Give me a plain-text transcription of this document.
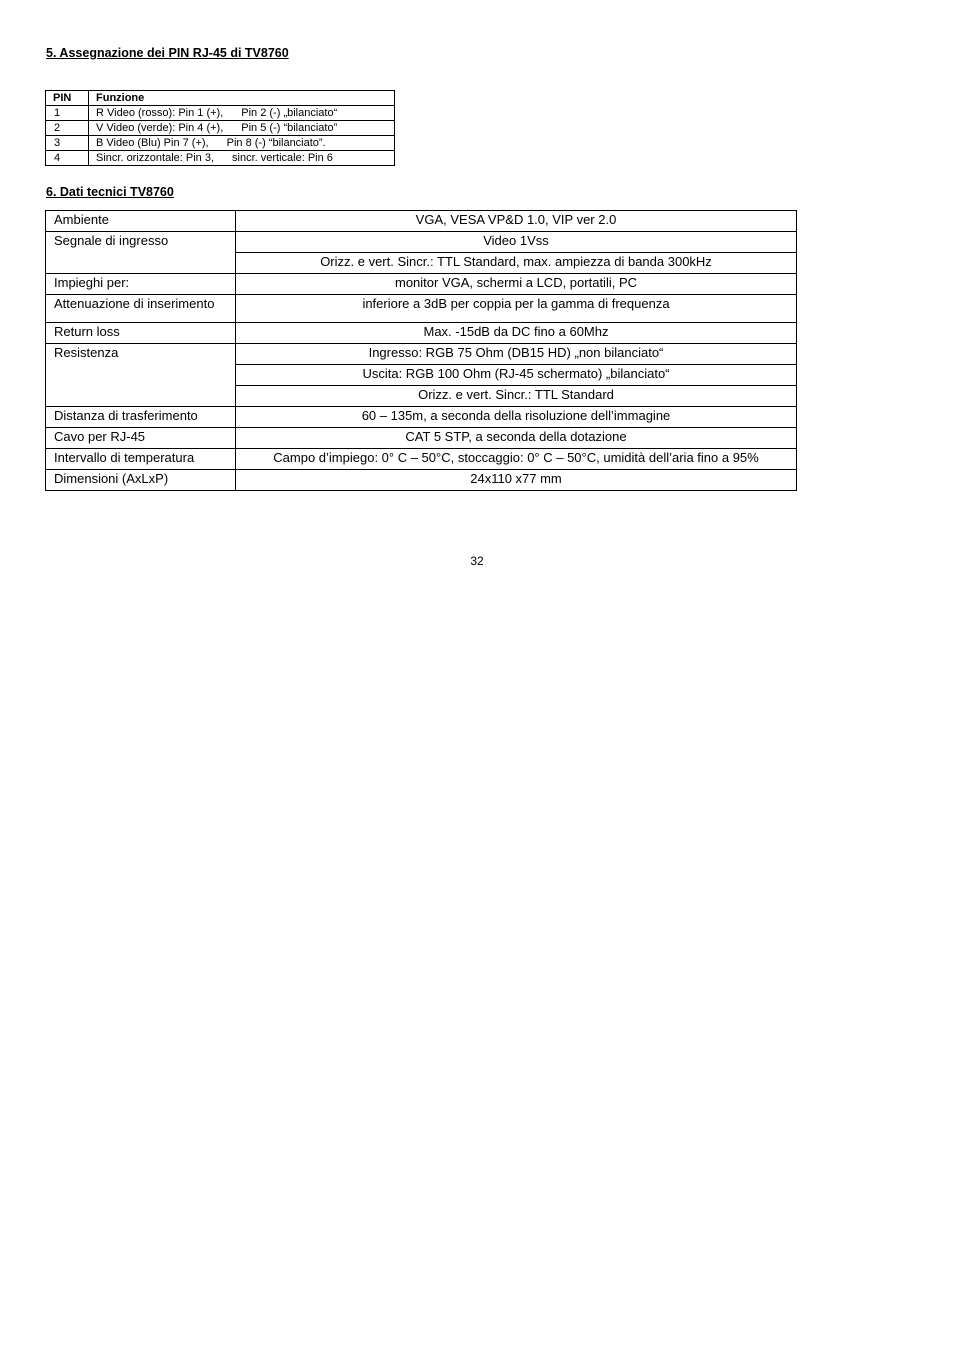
5. Assegnazione dei PIN RJ-45 di TV8760
PIN	Funzione
1	R Video (rosso): Pin 1 (+), Pin 2 (-) „bilanciato“
2	V Video (verde): Pin 4 (+), Pin 5 (-) “bilanciato”
3	B Video (Blu) Pin 7 (+), Pin 8 (-) “bilanciato”.
4	Sincr. orizzontale: Pin 3, sincr. verticale: Pin 6
6. Dati tecnici TV8760
Ambiente	VGA, VESA VP&D 1.0, VIP ver 2.0
Segnale di ingresso	Video 1Vss
	Orizz. e vert. Sincr.: TTL Standard, max. ampiezza di banda 300kHz
Impieghi per:	monitor VGA, schermi a LCD, portatili, PC
Attenuazione di inserimento	inferiore a 3dB per coppia per la gamma di frequenza
Return loss	Max. -15dB da DC fino a 60Mhz
Resistenza	Ingresso: RGB 75 Ohm (DB15 HD) „non bilanciato“
	Uscita: RGB 100 Ohm (RJ-45 schermato) „bilanciato“
	Orizz. e vert. Sincr.: TTL Standard
Distanza di trasferimento	60 – 135m, a seconda della risoluzione dell’immagine
Cavo per RJ-45	CAT 5 STP, a seconda della dotazione
Intervallo di temperatura	Campo d’impiego: 0° C – 50°C, stoccaggio: 0° C – 50°C, umidità dell’aria fino a 95%
Dimensioni (AxLxP)	24x110 x77 mm
32
